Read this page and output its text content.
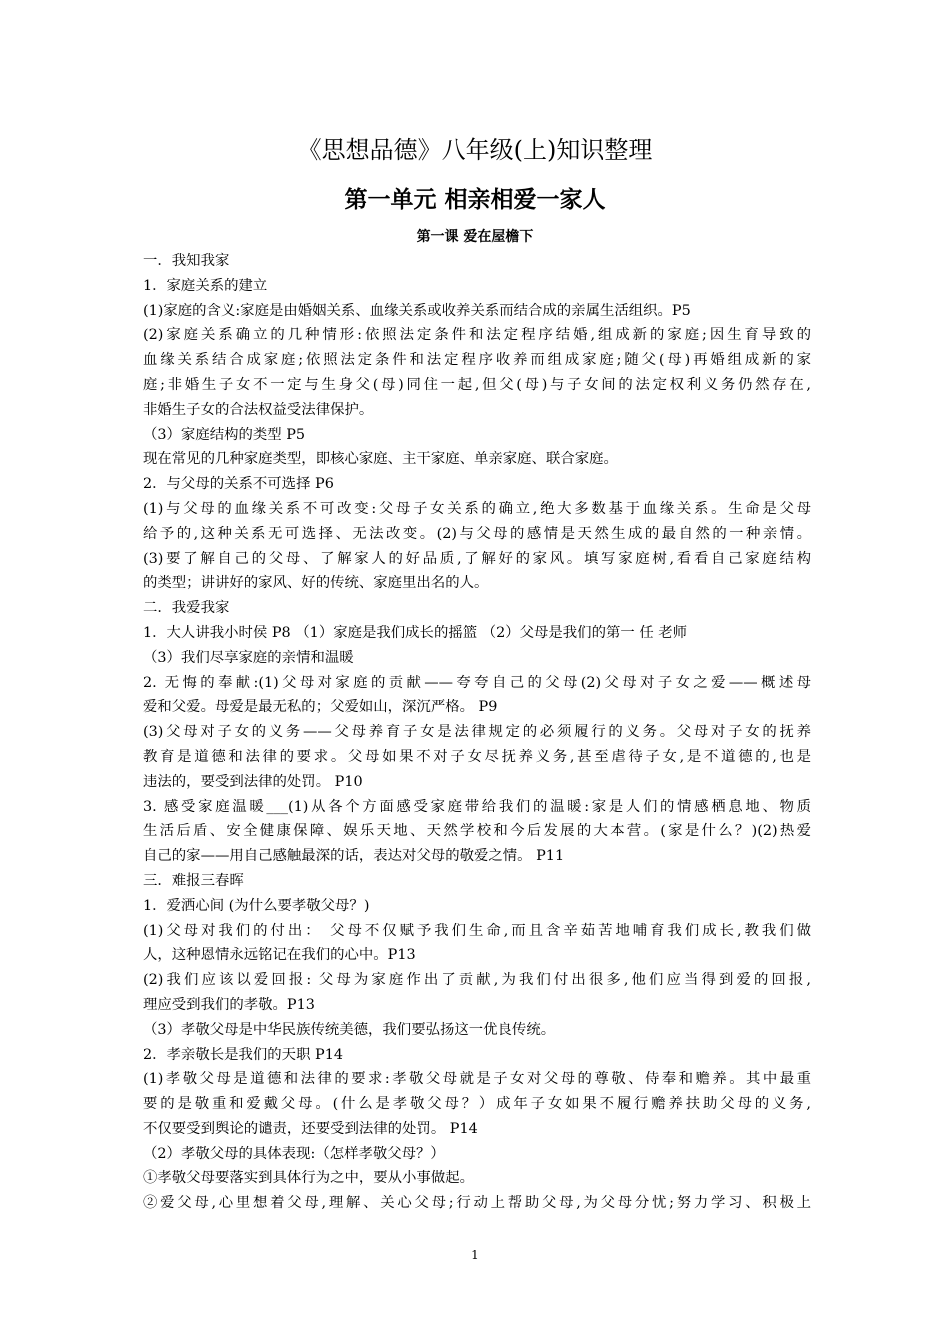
《思想品德》八年级(上)知识整理
第一单元 相亲相爱一家人
第一课 爱在屋檐下
一．我知我家
1．家庭关系的建立
(1)家庭的含义:家庭是由婚姻关系、血缘关系或收养关系而结合成的亲属生活组织。P5
(2)家庭关系确立的几种情形:依照法定条件和法定程序结婚,组成新的家庭;因生育导致的
血缘关系结合成家庭;依照法定条件和法定程序收养而组成家庭;随父(母)再婚组成新的家
庭;非婚生子女不一定与生身父(母)同住一起,但父(母)与子女间的法定权利义务仍然存在,
非婚生子女的合法权益受法律保护。
（3）家庭结构的类型 P5
现在常见的几种家庭类型，即核心家庭、主干家庭、单亲家庭、联合家庭。
2．与父母的关系不可选择 P6
(1)与父母的血缘关系不可改变:父母子女关系的确立,绝大多数基于血缘关系。生命是父母
给予的,这种关系无可选择、无法改变。(2)与父母的感情是天然生成的最自然的一种亲情。
(3)要了解自己的父母、了解家人的好品质,了解好的家风。填写家庭树,看看自己家庭结构
的类型；讲讲好的家风、好的传统、家庭里出名的人。
二．我爱我家
1．大人讲我小时侯 P8 （1）家庭是我们成长的摇篮 （2）父母是我们的第一 任 老师
（3）我们尽享家庭的亲情和温暖
2. 无悔的奉献:(1)父母对家庭的贡献——夸夸自己的父母(2)父母对子女之爱——概述母
爱和父爱。母爱是最无私的；父爱如山，深沉严格。 P9
(3)父母对子女的义务——父母养育子女是法律规定的必须履行的义务。父母对子女的抚养
教育是道德和法律的要求。父母如果不对子女尽抚养义务,甚至虐待子女,是不道德的,也是
违法的，要受到法律的处罚。 P10
3. 感受家庭温暖___(1)从各个方面感受家庭带给我们的温暖:家是人们的情感栖息地、物质
生活后盾、安全健康保障、娱乐天地、天然学校和今后发展的大本营。(家是什么？)(2)热爱
自己的家——用自己感触最深的话，表达对父母的敬爱之情。 P11
三．难报三春晖
1．爱洒心间 (为什么要孝敬父母？)
(1)父母对我们的付出： 父母不仅赋予我们生命,而且含辛茹苦地哺育我们成长,教我们做
人，这种恩情永远铭记在我们的心中。P13
(2)我们应该以爱回报: 父母为家庭作出了贡献,为我们付出很多,他们应当得到爱的回报,
理应受到我们的孝敬。P13
（3）孝敬父母是中华民族传统美德，我们要弘扬这一优良传统。
2．孝亲敬长是我们的天职 P14
(1)孝敬父母是道德和法律的要求:孝敬父母就是子女对父母的尊敬、侍奉和赡养。其中最重
要的是敬重和爱戴父母。(什么是孝敬父母？）成年子女如果不履行赡养扶助父母的义务,
不仅要受到舆论的谴责，还要受到法律的处罚。 P14
（2）孝敬父母的具体表现:（怎样孝敬父母？）
①孝敬父母要落实到具体行为之中，要从小事做起。
②爱父母,心里想着父母,理解、关心父母;行动上帮助父母,为父母分忧;努力学习、积极上
1
